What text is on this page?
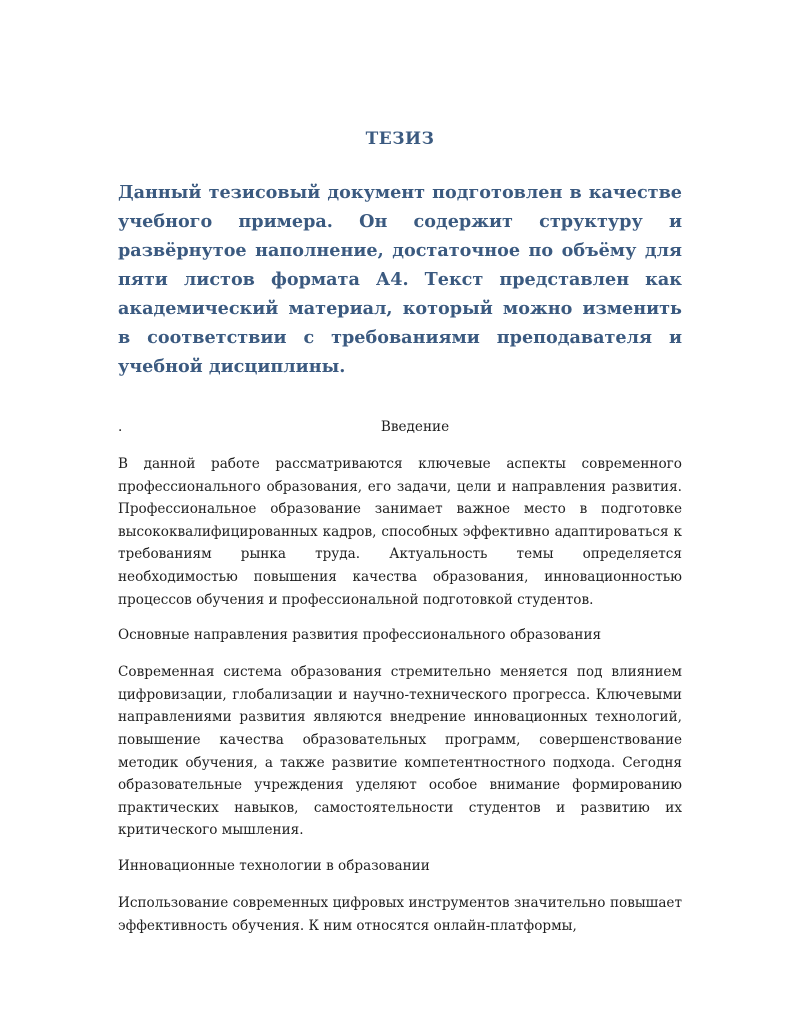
ТЕЗИЗ

Данный тезисовый документ подготовлен в качестве учебного примера. Он содержит структуру и развёрнутое наполнение, достаточное по объёму для пяти листов формата А4. Текст представлен как академический материал, который можно изменить в соответствии с требованиями преподавателя и учебной дисциплины.

.	Введение

В данной работе рассматриваются ключевые аспекты современного профессионального образования, его задачи, цели и направления развития. Профессиональное образование занимает важное место в подготовке высококвалифицированных кадров, способных эффективно адаптироваться к требованиям рынка труда. Актуальность темы определяется необходимостью повышения качества образования, инновационностью процессов обучения и профессиональной подготовкой студентов.

Основные направления развития профессионального образования

Современная система образования стремительно меняется под влиянием цифровизации, глобализации и научно-технического прогресса. Ключевыми направлениями развития являются внедрение инновационных технологий, повышение качества образовательных программ, совершенствование методик обучения, а также развитие компетентностного подхода. Сегодня образовательные учреждения уделяют особое внимание формированию практических навыков, самостоятельности студентов и развитию их критического мышления.

Инновационные технологии в образовании

Использование современных цифровых инструментов значительно повышает эффективность обучения. К ним относятся онлайн-платформы,
